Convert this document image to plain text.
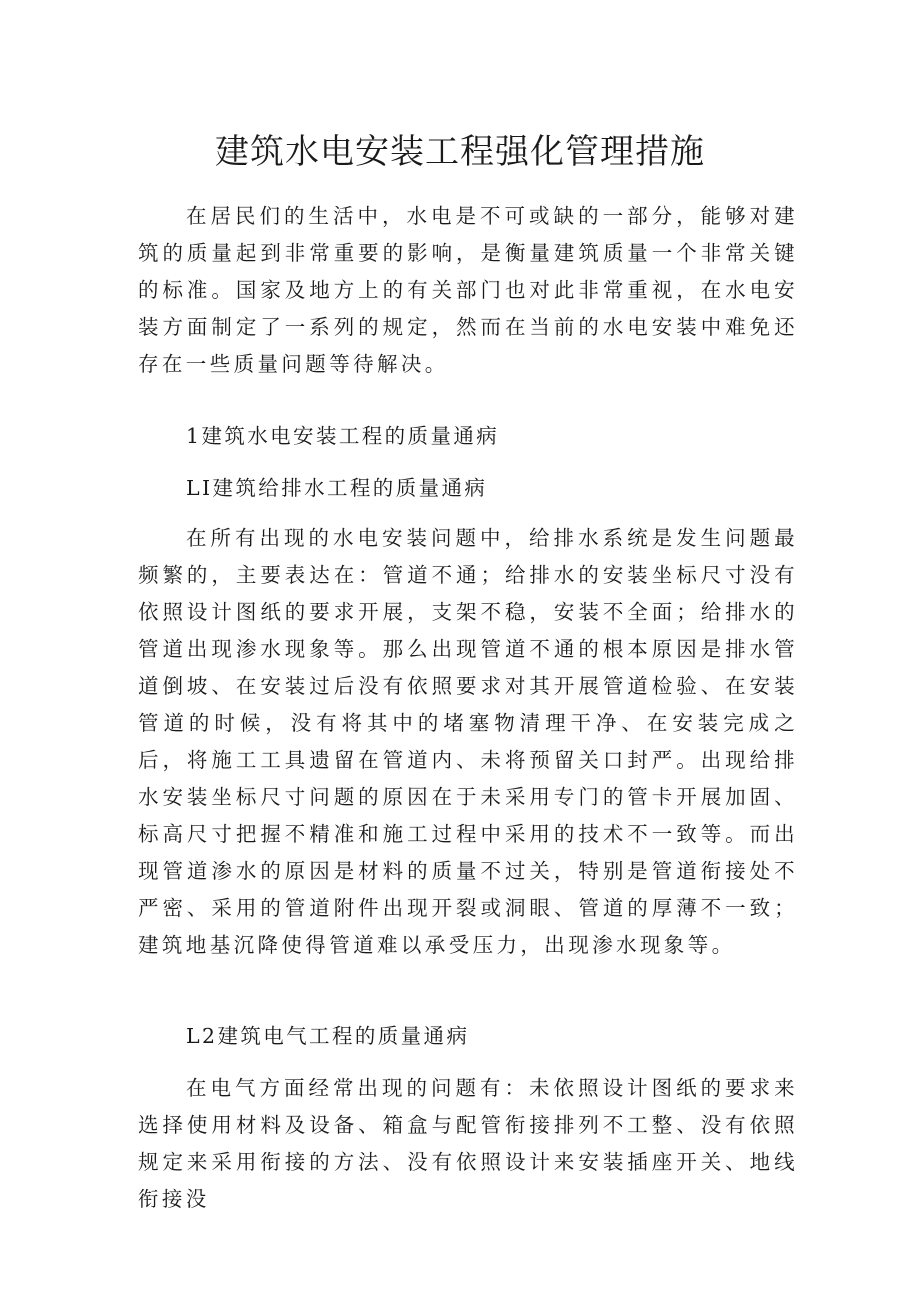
建筑水电安装工程强化管理措施

在居民们的生活中，水电是不可或缺的一部分，能够对建筑的质量起到非常重要的影响，是衡量建筑质量一个非常关键的标准。国家及地方上的有关部门也对此非常重视，在水电安装方面制定了一系列的规定，然而在当前的水电安装中难免还存在一些质量问题等待解决。

1建筑水电安装工程的质量通病

LI建筑给排水工程的质量通病

在所有出现的水电安装问题中，给排水系统是发生问题最频繁的，主要表达在：管道不通；给排水的安装坐标尺寸没有依照设计图纸的要求开展，支架不稳，安装不全面；给排水的管道出现渗水现象等。那么出现管道不通的根本原因是排水管道倒坡、在安装过后没有依照要求对其开展管道检验、在安装管道的时候，没有将其中的堵塞物清理干净、在安装完成之后，将施工工具遗留在管道内、未将预留关口封严。出现给排水安装坐标尺寸问题的原因在于未采用专门的管卡开展加固、标高尺寸把握不精准和施工过程中采用的技术不一致等。而出现管道渗水的原因是材料的质量不过关，特别是管道衔接处不严密、采用的管道附件出现开裂或洞眼、管道的厚薄不一致；建筑地基沉降使得管道难以承受压力，出现渗水现象等。

L2建筑电气工程的质量通病

在电气方面经常出现的问题有：未依照设计图纸的要求来选择使用材料及设备、箱盒与配管衔接排列不工整、没有依照规定来采用衔接的方法、没有依照设计来安装插座开关、地线衔接没
